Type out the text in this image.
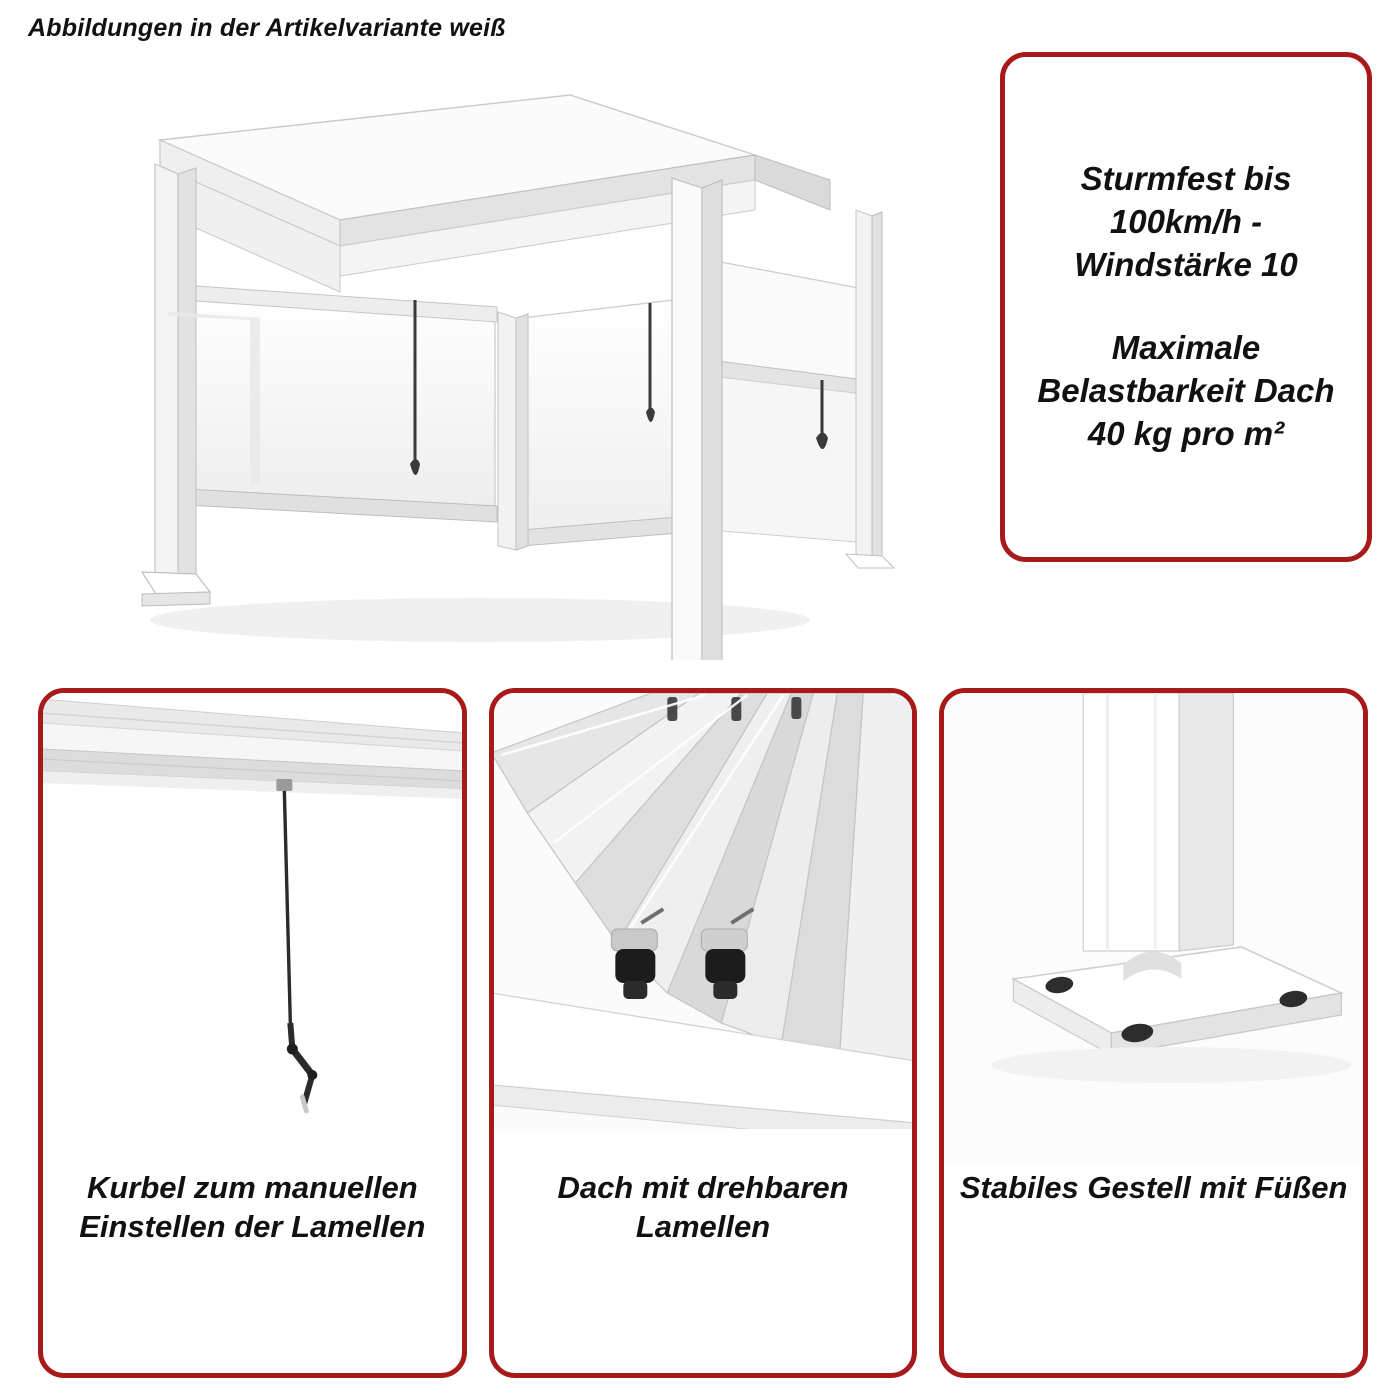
Abbildungen in der Artikelvariante weiß
Sturmfest bis 100km/h - Windstärke 10
Maximale Belastbarkeit Dach 40 kg pro m²
Kurbel zum manuellen Einstellen der Lamellen
Dach mit drehbaren Lamellen
Stabiles Gestell mit Füßen
